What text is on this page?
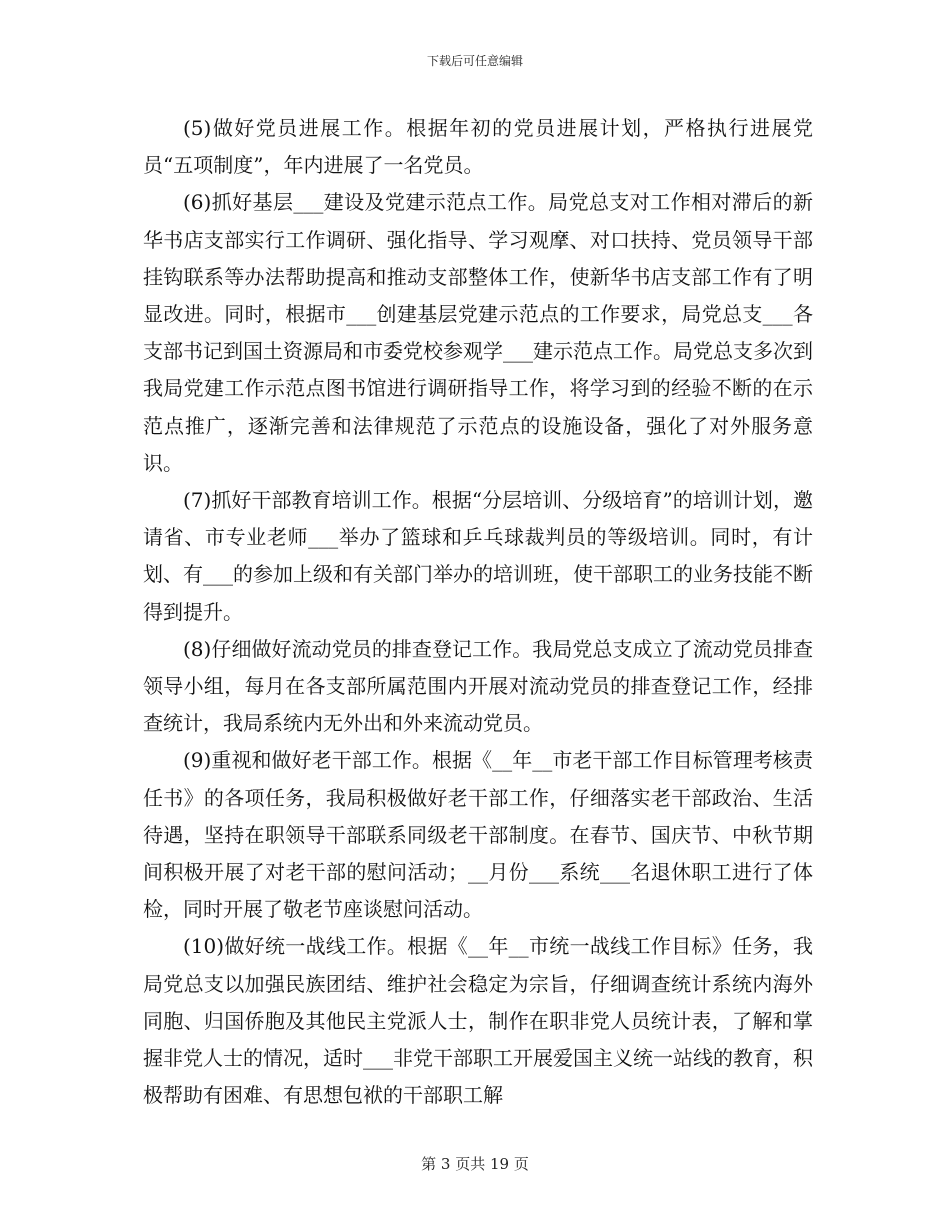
下载后可任意编辑

(5)做好党员进展工作。根据年初的党员进展计划，严格执行进展党员“五项制度”，年内进展了一名党员。

(6)抓好基层___建设及党建示范点工作。局党总支对工作相对滞后的新华书店支部实行工作调研、强化指导、学习观摩、对口扶持、党员领导干部挂钩联系等办法帮助提高和推动支部整体工作，使新华书店支部工作有了明显改进。同时，根据市___创建基层党建示范点的工作要求，局党总支___各支部书记到国土资源局和市委党校参观学___建示范点工作。局党总支多次到我局党建工作示范点图书馆进行调研指导工作，将学习到的经验不断的在示范点推广，逐渐完善和法律规范了示范点的设施设备，强化了对外服务意识。

(7)抓好干部教育培训工作。根据“分层培训、分级培育”的培训计划，邀请省、市专业老师___举办了篮球和乒乓球裁判员的等级培训。同时，有计划、有___的参加上级和有关部门举办的培训班，使干部职工的业务技能不断得到提升。

(8)仔细做好流动党员的排查登记工作。我局党总支成立了流动党员排查领导小组，每月在各支部所属范围内开展对流动党员的排查登记工作，经排查统计，我局系统内无外出和外来流动党员。

(9)重视和做好老干部工作。根据《__年__市老干部工作目标管理考核责任书》的各项任务，我局积极做好老干部工作，仔细落实老干部政治、生活待遇，坚持在职领导干部联系同级老干部制度。在春节、国庆节、中秋节期间积极开展了对老干部的慰问活动；__月份___系统___名退休职工进行了体检，同时开展了敬老节座谈慰问活动。

(10)做好统一战线工作。根据《__年__市统一战线工作目标》任务，我局党总支以加强民族团结、维护社会稳定为宗旨，仔细调查统计系统内海外同胞、归国侨胞及其他民主党派人士，制作在职非党人员统计表，了解和掌握非党人士的情况，适时___非党干部职工开展爱国主义统一站线的教育，积极帮助有困难、有思想包袱的干部职工解

第 3 页共 19 页
